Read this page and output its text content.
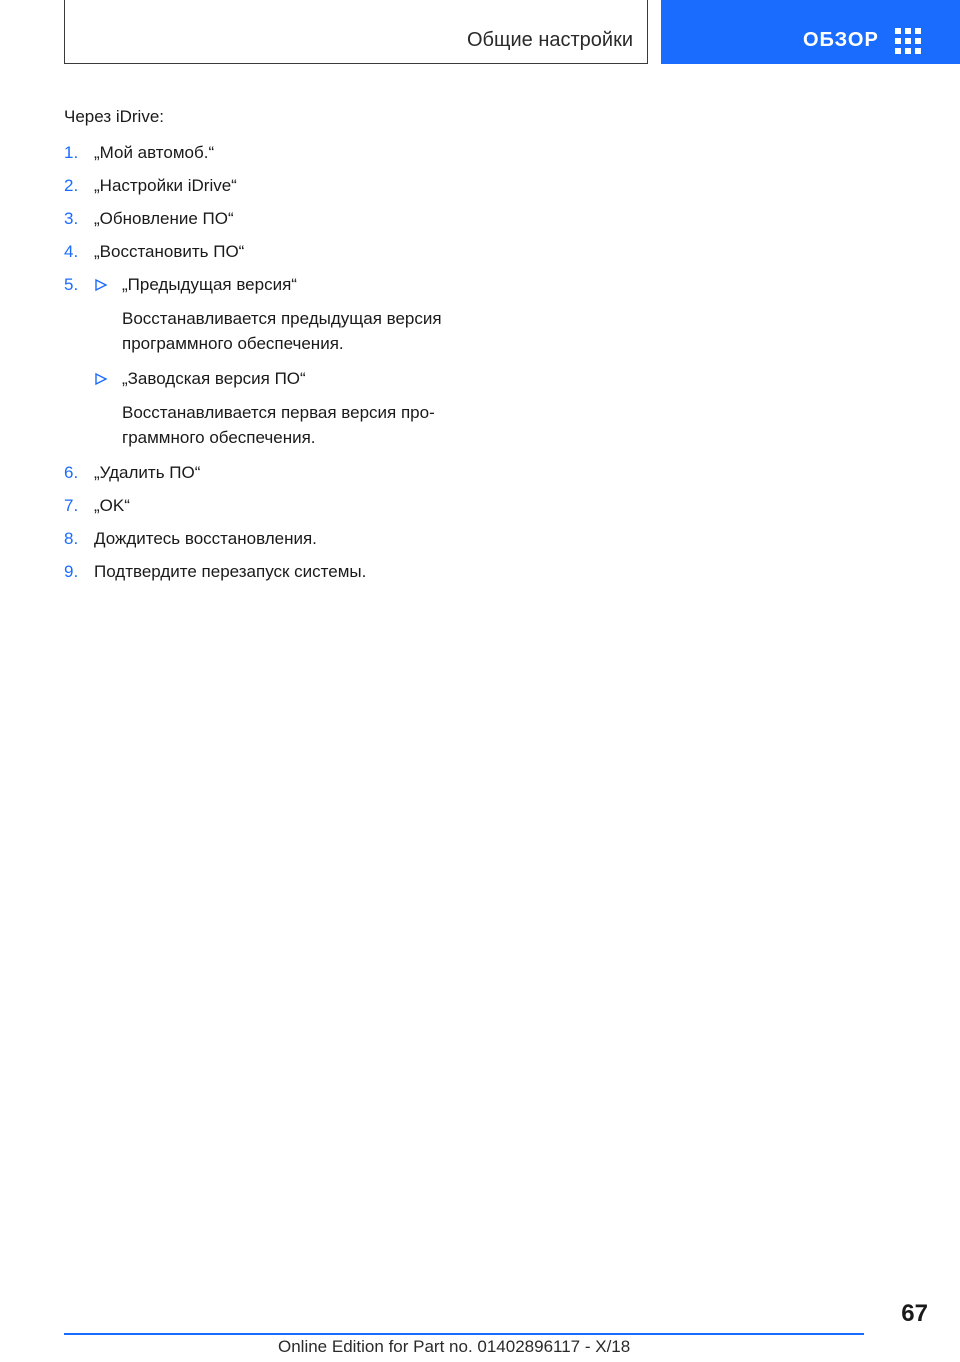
Общие настройки	ОБЗОР

Через iDrive:

1. „Мой автомоб.“
2. „Настройки iDrive“
3. „Обновление ПО“
4. „Восстановить ПО“
5.	„Предыдущая версия“
Восстанавливается предыдущая версия
программного обеспечения.
„Заводская версия ПО“
Восстанавливается первая версия про-
граммного обеспечения.
6. „Удалить ПО“
7. „OK“
8. Дождитесь восстановления.
9. Подтвердите перезапуск системы.
67
Online Edition for Part no. 01402896117 - X/18
